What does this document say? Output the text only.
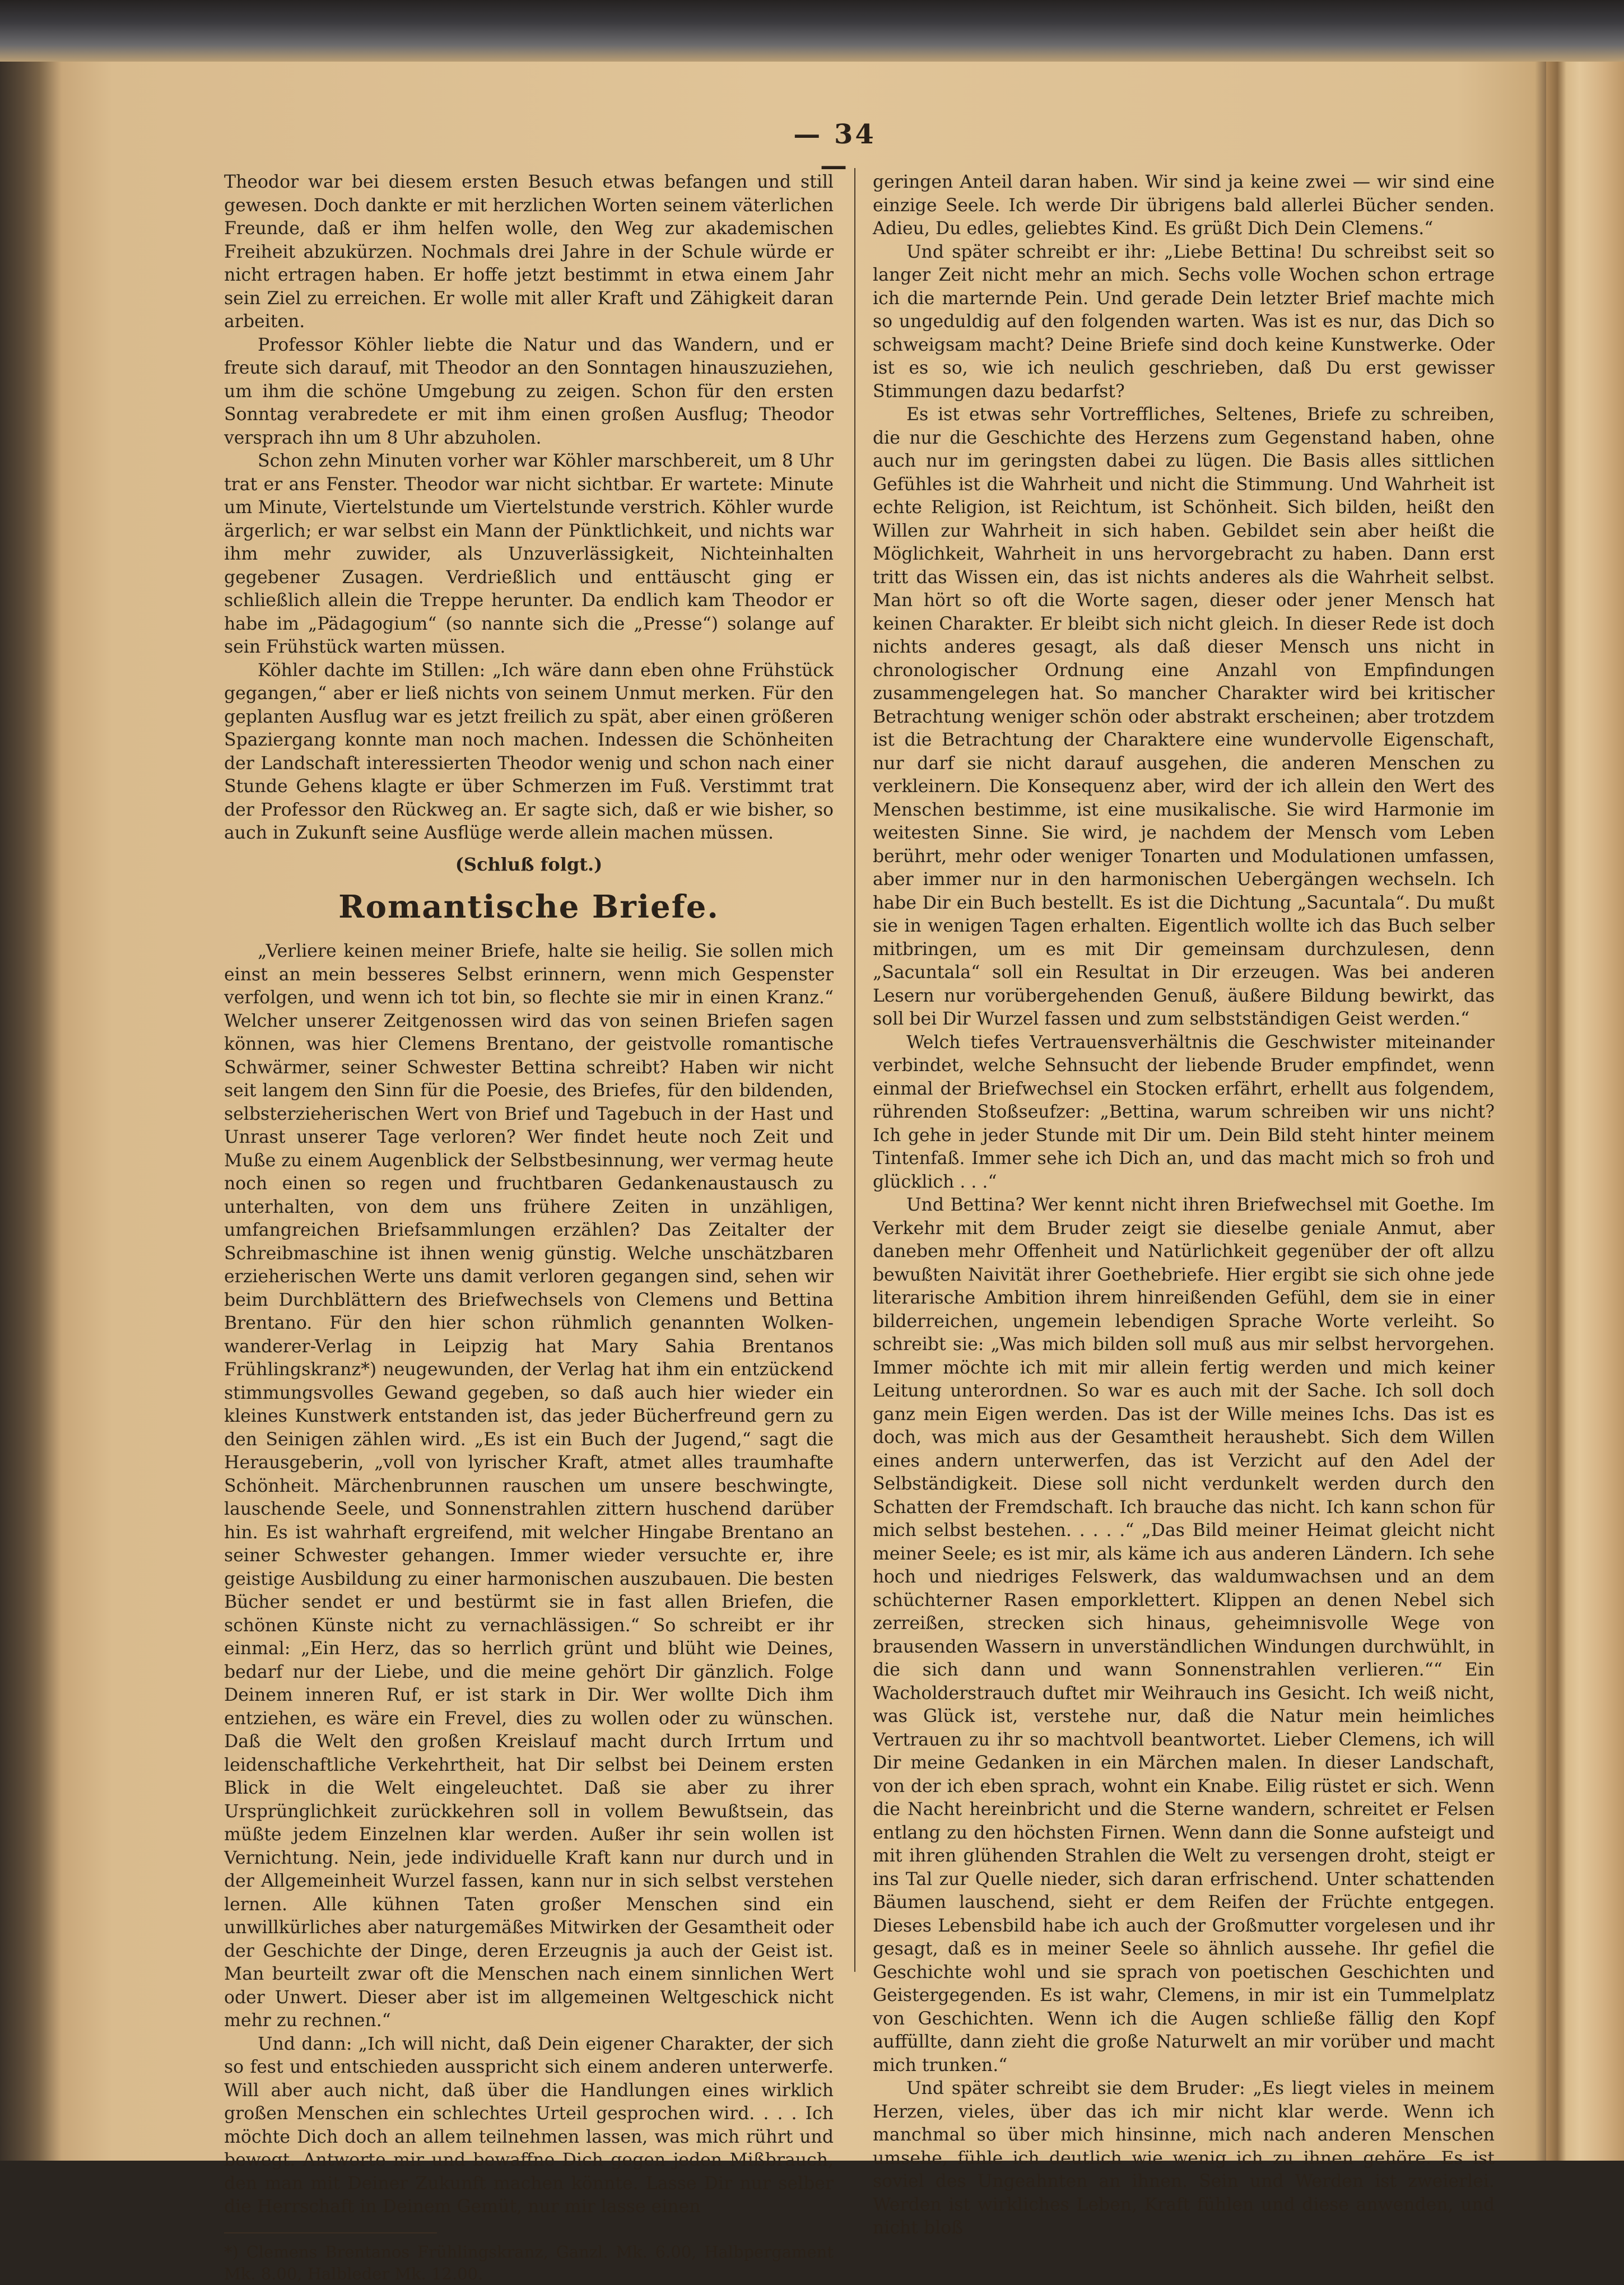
— 34 —

Theodor war bei diesem ersten Besuch etwas befangen und still gewesen. Doch dankte er mit herzlichen Worten seinem väterlichen Freunde, daß er ihm helfen wolle, den Weg zur akademischen Freiheit abzukürzen. Nochmals drei Jahre in der Schule würde er nicht ertragen haben. Er hoffe jetzt bestimmt in etwa einem Jahr sein Ziel zu erreichen. Er wolle mit aller Kraft und Zähigkeit daran arbeiten.

Professor Köhler liebte die Natur und das Wandern, und er freute sich darauf, mit Theodor an den Sonntagen hinauszuziehen, um ihm die schöne Umgebung zu zeigen. Schon für den ersten Sonntag verabredete er mit ihm einen großen Ausflug; Theodor versprach ihn um 8 Uhr abzuholen.

Schon zehn Minuten vorher war Köhler marschbereit, um 8 Uhr trat er ans Fenster. Theodor war nicht sichtbar. Er wartete: Minute um Minute, Viertelstunde um Viertelstunde verstrich. Köhler wurde ärgerlich; er war selbst ein Mann der Pünktlichkeit, und nichts war ihm mehr zuwider, als Unzuverlässigkeit, Nichteinhalten gegebener Zusagen. Verdrießlich und enttäuscht ging er schließlich allein die Treppe herunter. Da endlich kam Theodor er habe im „Pädagogium“ (so nannte sich die „Presse“) solange auf sein Frühstück warten müssen.

Köhler dachte im Stillen: „Ich wäre dann eben ohne Frühstück gegangen,“ aber er ließ nichts von seinem Unmut merken. Für den geplanten Ausflug war es jetzt freilich zu spät, aber einen größeren Spaziergang konnte man noch machen. Indessen die Schönheiten der Landschaft interessierten Theodor wenig und schon nach einer Stunde Gehens klagte er über Schmerzen im Fuß. Verstimmt trat der Professor den Rückweg an. Er sagte sich, daß er wie bisher, so auch in Zukunft seine Ausflüge werde allein machen müssen.

(Schluß folgt.)
Romantische Briefe.

„Verliere keinen meiner Briefe, halte sie heilig. Sie sollen mich einst an mein besseres Selbst erinnern, wenn mich Gespenster verfolgen, und wenn ich tot bin, so flechte sie mir in einen Kranz.“ Welcher unserer Zeitgenossen wird das von seinen Briefen sagen können, was hier Clemens Brentano, der geistvolle romantische Schwärmer, seiner Schwester Bettina schreibt? Haben wir nicht seit langem den Sinn für die Poesie, des Briefes, für den bildenden, selbsterzieherischen Wert von Brief und Tagebuch in der Hast und Unrast unserer Tage verloren? Wer findet heute noch Zeit und Muße zu einem Augenblick der Selbstbesinnung, wer vermag heute noch einen so regen und fruchtbaren Gedankenaustausch zu unterhalten, von dem uns frühere Zeiten in unzähligen, umfangreichen Briefsammlungen erzählen? Das Zeitalter der Schreibmaschine ist ihnen wenig günstig. Welche unschätzbaren erzieherischen Werte uns damit verloren gegangen sind, sehen wir beim Durchblättern des Briefwechsels von Clemens und Bettina Brentano. Für den hier schon rühmlich genannten Wolken-wanderer-Verlag in Leipzig hat Mary Sahia Brentanos Frühlingskranz*) neugewunden, der Verlag hat ihm ein entzückend stimmungsvolles Gewand gegeben, so daß auch hier wieder ein kleines Kunstwerk entstanden ist, das jeder Bücherfreund gern zu den Seinigen zählen wird. „Es ist ein Buch der Jugend,“ sagt die Herausgeberin, „voll von lyrischer Kraft, atmet alles traumhafte Schönheit. Märchenbrunnen rauschen um unsere beschwingte, lauschende Seele, und Sonnenstrahlen zittern huschend darüber hin. Es ist wahrhaft ergreifend, mit welcher Hingabe Brentano an seiner Schwester gehangen. Immer wieder versuchte er, ihre geistige Ausbildung zu einer harmonischen auszubauen. Die besten Bücher sendet er und bestürmt sie in fast allen Briefen, die schönen Künste nicht zu vernachlässigen.“ So schreibt er ihr einmal: „Ein Herz, das so herrlich grünt und blüht wie Deines, bedarf nur der Liebe, und die meine gehört Dir gänzlich. Folge Deinem inneren Ruf, er ist stark in Dir. Wer wollte Dich ihm entziehen, es wäre ein Frevel, dies zu wollen oder zu wünschen. Daß die Welt den großen Kreislauf macht durch Irrtum und leidenschaftliche Verkehrtheit, hat Dir selbst bei Deinem ersten Blick in die Welt eingeleuchtet. Daß sie aber zu ihrer Ursprünglichkeit zurückkehren soll in vollem Bewußtsein, das müßte jedem Einzelnen klar werden. Außer ihr sein wollen ist Vernichtung. Nein, jede individuelle Kraft kann nur durch und in der Allgemeinheit Wurzel fassen, kann nur in sich selbst verstehen lernen. Alle kühnen Taten großer Menschen sind ein unwillkürliches aber naturgemäßes Mitwirken der Gesamtheit oder der Geschichte der Dinge, deren Erzeugnis ja auch der Geist ist. Man beurteilt zwar oft die Menschen nach einem sinnlichen Wert oder Unwert. Dieser aber ist im allgemeinen Weltgeschick nicht mehr zu rechnen.“

Und dann: „Ich will nicht, daß Dein eigener Charakter, der sich so fest und entschieden ausspricht sich einem anderen unterwerfe. Will aber auch nicht, daß über die Handlungen eines wirklich großen Menschen ein schlechtes Urteil gesprochen wird. . . . Ich möchte Dich doch an allem teilnehmen lassen, was mich rührt und bewegt. Antworte mir und bewaffne Dich gegen jeden Mißbrauch, den man mit Deiner Zukunft machen könnte. Lasse Dir nur selber die Herrschaft in Deinem Gemüt, nur mir lasse einen

*) Clemens Brentanos Frühlingskranz, Ganzl. Mk. 6.00, Halbpergament Mk. 8.00, Halbleder Mk. 12.00.

geringen Anteil daran haben. Wir sind ja keine zwei — wir sind eine einzige Seele. Ich werde Dir übrigens bald allerlei Bücher senden. Adieu, Du edles, geliebtes Kind. Es grüßt Dich Dein Clemens.“

Und später schreibt er ihr: „Liebe Bettina! Du schreibst seit so langer Zeit nicht mehr an mich. Sechs volle Wochen schon ertrage ich die marternde Pein. Und gerade Dein letzter Brief machte mich so ungeduldig auf den folgenden warten. Was ist es nur, das Dich so schweigsam macht? Deine Briefe sind doch keine Kunstwerke. Oder ist es so, wie ich neulich geschrieben, daß Du erst gewisser Stimmungen dazu bedarfst?

Es ist etwas sehr Vortreffliches, Seltenes, Briefe zu schreiben, die nur die Geschichte des Herzens zum Gegenstand haben, ohne auch nur im geringsten dabei zu lügen. Die Basis alles sittlichen Gefühles ist die Wahrheit und nicht die Stimmung. Und Wahrheit ist echte Religion, ist Reichtum, ist Schönheit. Sich bilden, heißt den Willen zur Wahrheit in sich haben. Gebildet sein aber heißt die Möglichkeit, Wahrheit in uns hervorgebracht zu haben. Dann erst tritt das Wissen ein, das ist nichts anderes als die Wahrheit selbst. Man hört so oft die Worte sagen, dieser oder jener Mensch hat keinen Charakter. Er bleibt sich nicht gleich. In dieser Rede ist doch nichts anderes gesagt, als daß dieser Mensch uns nicht in chronologischer Ordnung eine Anzahl von Empfindungen zusammengelegen hat. So mancher Charakter wird bei kritischer Betrachtung weniger schön oder abstrakt erscheinen; aber trotzdem ist die Betrachtung der Charaktere eine wundervolle Eigenschaft, nur darf sie nicht darauf ausgehen, die anderen Menschen zu verkleinern. Die Konsequenz aber, wird der ich allein den Wert des Menschen bestimme, ist eine musikalische. Sie wird Harmonie im weitesten Sinne. Sie wird, je nachdem der Mensch vom Leben berührt, mehr oder weniger Tonarten und Modulationen umfassen, aber immer nur in den harmonischen Uebergängen wechseln. Ich habe Dir ein Buch bestellt. Es ist die Dichtung „Sacuntala“. Du mußt sie in wenigen Tagen erhalten. Eigentlich wollte ich das Buch selber mitbringen, um es mit Dir gemeinsam durchzulesen, denn „Sacuntala“ soll ein Resultat in Dir erzeugen. Was bei anderen Lesern nur vorübergehenden Genuß, äußere Bildung bewirkt, das soll bei Dir Wurzel fassen und zum selbstständigen Geist werden.“

Welch tiefes Vertrauensverhältnis die Geschwister miteinander verbindet, welche Sehnsucht der liebende Bruder empfindet, wenn einmal der Briefwechsel ein Stocken erfährt, erhellt aus folgendem, rührenden Stoßseufzer: „Bettina, warum schreiben wir uns nicht? Ich gehe in jeder Stunde mit Dir um. Dein Bild steht hinter meinem Tintenfaß. Immer sehe ich Dich an, und das macht mich so froh und glücklich . . .“

Und Bettina? Wer kennt nicht ihren Briefwechsel mit Goethe. Im Verkehr mit dem Bruder zeigt sie dieselbe geniale Anmut, aber daneben mehr Offenheit und Natürlichkeit gegenüber der oft allzu bewußten Naivität ihrer Goethebriefe. Hier ergibt sie sich ohne jede literarische Ambition ihrem hinreißenden Gefühl, dem sie in einer bilderreichen, ungemein lebendigen Sprache Worte verleiht. So schreibt sie: „Was mich bilden soll muß aus mir selbst hervorgehen. Immer möchte ich mit mir allein fertig werden und mich keiner Leitung unterordnen. So war es auch mit der Sache. Ich soll doch ganz mein Eigen werden. Das ist der Wille meines Ichs. Das ist es doch, was mich aus der Gesamtheit heraushebt. Sich dem Willen eines andern unterwerfen, das ist Verzicht auf den Adel der Selbständigkeit. Diese soll nicht verdunkelt werden durch den Schatten der Fremdschaft. Ich brauche das nicht. Ich kann schon für mich selbst bestehen. . . . .“ „Das Bild meiner Heimat gleicht nicht meiner Seele; es ist mir, als käme ich aus anderen Ländern. Ich sehe hoch und niedriges Felswerk, das waldumwachsen und an dem schüchterner Rasen emporklettert. Klippen an denen Nebel sich zerreißen, strecken sich hinaus, geheimnisvolle Wege von brausenden Wassern in unverständlichen Windungen durchwühlt, in die sich dann und wann Sonnenstrahlen verlieren.““ Ein Wacholderstrauch duftet mir Weihrauch ins Gesicht. Ich weiß nicht, was Glück ist, verstehe nur, daß die Natur mein heimliches Vertrauen zu ihr so machtvoll beantwortet. Lieber Clemens, ich will Dir meine Gedanken in ein Märchen malen. In dieser Landschaft, von der ich eben sprach, wohnt ein Knabe. Eilig rüstet er sich. Wenn die Nacht hereinbricht und die Sterne wandern, schreitet er Felsen entlang zu den höchsten Firnen. Wenn dann die Sonne aufsteigt und mit ihren glühenden Strahlen die Welt zu versengen droht, steigt er ins Tal zur Quelle nieder, sich daran erfrischend. Unter schattenden Bäumen lauschend, sieht er dem Reifen der Früchte entgegen. Dieses Lebensbild habe ich auch der Großmutter vorgelesen und ihr gesagt, daß es in meiner Seele so ähnlich aussehe. Ihr gefiel die Geschichte wohl und sie sprach von poetischen Geschichten und Geistergegenden. Es ist wahr, Clemens, in mir ist ein Tummelplatz von Geschichten. Wenn ich die Augen schließe fällig den Kopf auffüllte, dann zieht die große Naturwelt an mir vorüber und macht mich trunken.“

Und später schreibt sie dem Bruder: „Es liegt vieles in meinem Herzen, vieles, über das ich mir nicht klar werde. Wenn ich manchmal so über mich hinsinne, mich nach anderen Menschen umsehe, fühle ich deutlich wie wenig ich zu ihnen gehöre. Es ist soviel des Ungeahnten an ihnen. Sein und Werden ist zweierlei. Werden ist wirkliches Leben, Kraft fühlen und diese anwenden, und nicht bloß
